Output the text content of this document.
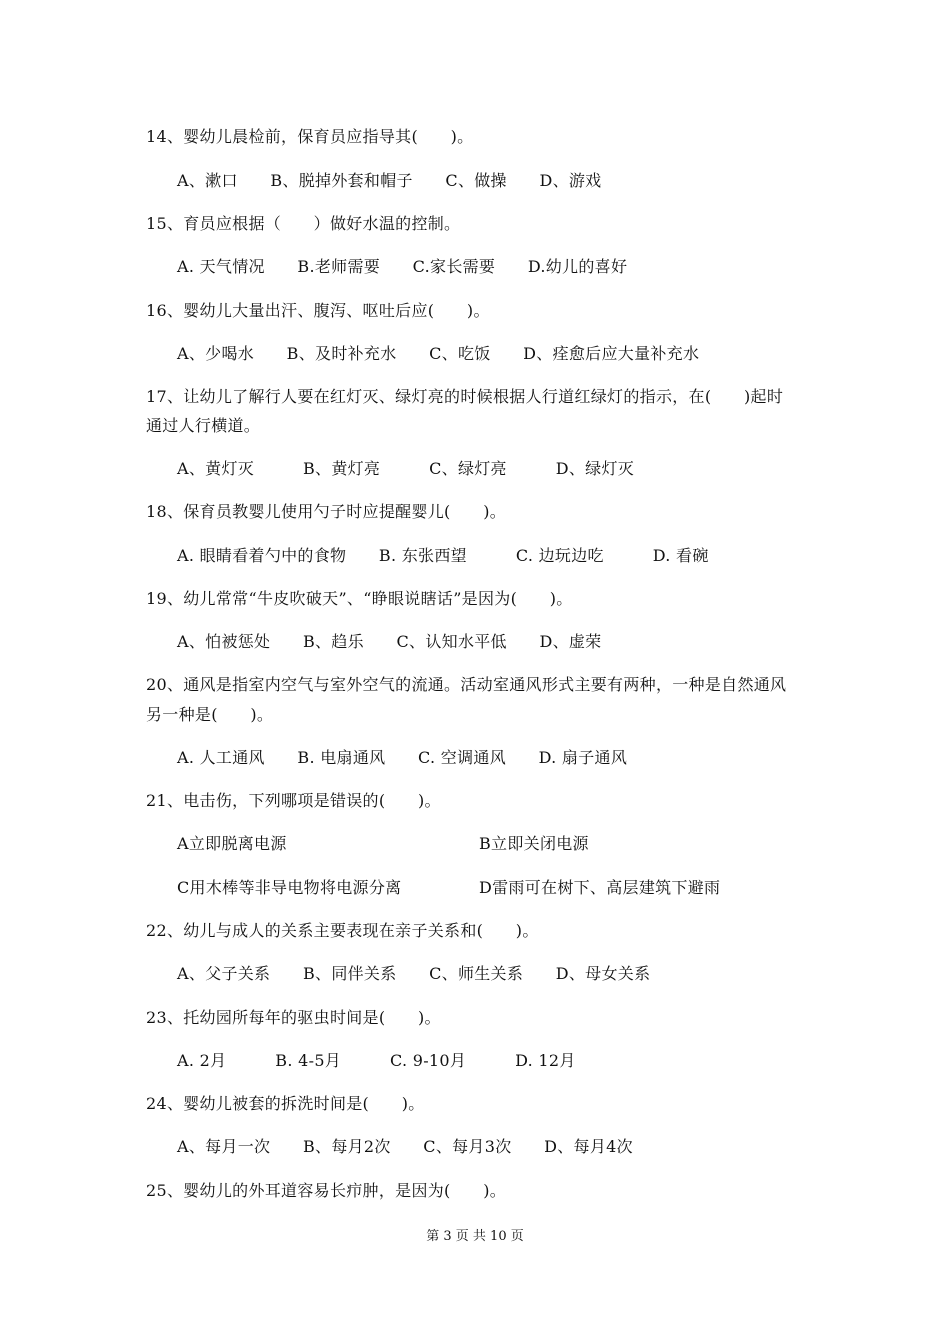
14、婴幼儿晨检前，保育员应指导其(　　)。
A、漱口　　B、脱掉外套和帽子　　C、做操　　D、游戏
15、育员应根据（　　）做好水温的控制。
A. 天气情况　　B.老师需要　　C.家长需要　　D.幼儿的喜好
16、婴幼儿大量出汗、腹泻、呕吐后应(　　)。
A、少喝水　　B、及时补充水　　C、吃饭　　D、痊愈后应大量补充水
17、让幼儿了解行人要在红灯灭、绿灯亮的时候根据人行道红绿灯的指示，在(　　)起时
通过人行横道。
A、黄灯灭　　　B、黄灯亮　　　C、绿灯亮　　　D、绿灯灭
18、保育员教婴儿使用勺子时应提醒婴儿(　　)。
A. 眼睛看着勺中的食物　　B. 东张西望　　　C. 边玩边吃　　　D. 看碗
19、幼儿常常“牛皮吹破天”、“睁眼说瞎话”是因为(　　)。
A、怕被惩处　　B、趋乐　　C、认知水平低　　D、虚荣
20、通风是指室内空气与室外空气的流通。活动室通风形式主要有两种，一种是自然通风
另一种是(　　)。
A. 人工通风　　B. 电扇通风　　C. 空调通风　　D. 扇子通风
21、电击伤，下列哪项是错误的(　　)。
A立即脱离电源	B立即关闭电源
C用木棒等非导电物将电源分离	D雷雨可在树下、高层建筑下避雨
22、幼儿与成人的关系主要表现在亲子关系和(　　)。
A、父子关系　　B、同伴关系　　C、师生关系　　D、母女关系
23、托幼园所每年的驱虫时间是(　　)。
A. 2月　　　B. 4-5月　　　C. 9-10月　　　D. 12月
24、婴幼儿被套的拆洗时间是(　　)。
A、每月一次　　B、每月2次　　C、每月3次　　D、每月4次
25、婴幼儿的外耳道容易长疖肿，是因为(　　)。
第 3 页 共 10 页
